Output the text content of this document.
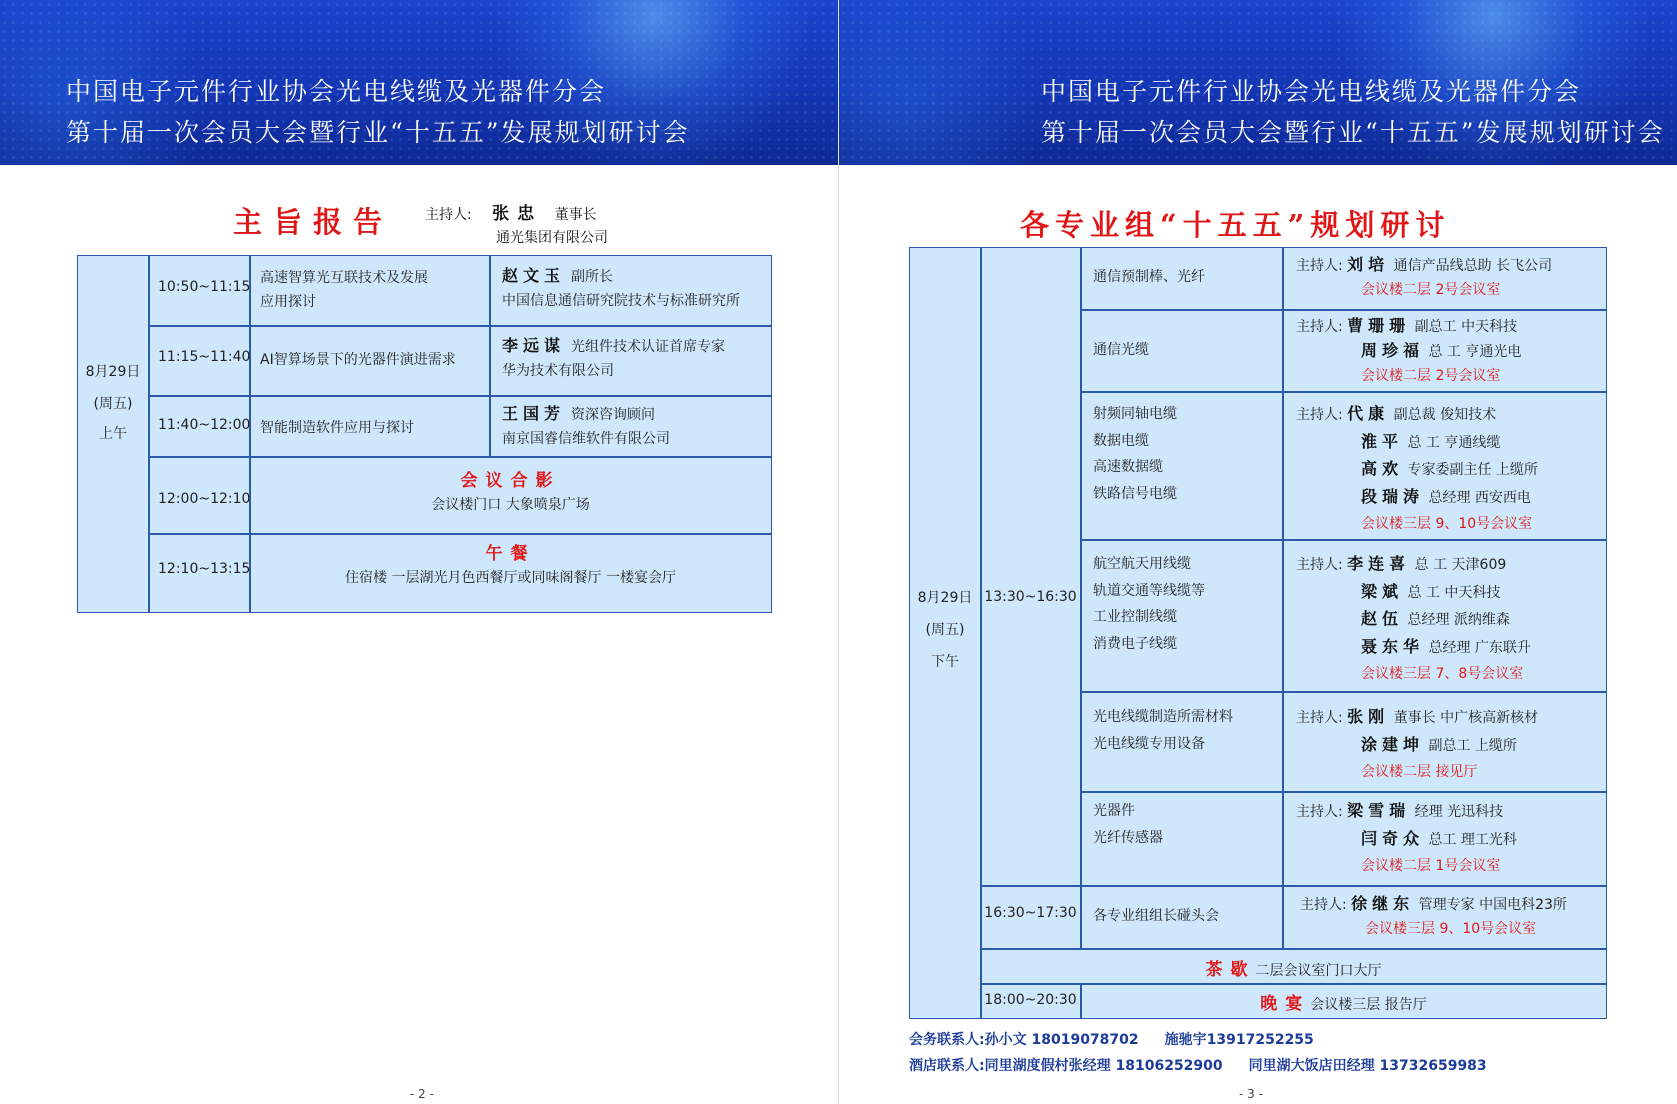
中国电子元件行业协会光电线缆及光器件分会
第十届一次会员大会暨行业“十五五”发展规划研讨会
主旨报告 主持人: 张忠 董事长
通光集团有限公司
8月29日
(周五)
上午
10:50~11:15
高速智算光互联技术及发展
应用探讨
赵文玉 副所长
中国信息通信研究院技术与标准研究所
11:15~11:40 AI智算场景下的光器件演进需求
李远谋 光组件技术认证首席专家
华为技术有限公司
11:40~12:00 智能制造软件应用与探讨
王国芳 资深咨询顾问
南京国睿信维软件有限公司
12:00~12:10
会议合影
会议楼门口 大象喷泉广场
12:10~13:15
午餐
住宿楼 一层湖光月色西餐厅或同味阁餐厅 一楼宴会厅
- 2 -
中国电子元件行业协会光电线缆及光器件分会
第十届一次会员大会暨行业“十五五”发展规划研讨会
各专业组“十五五”规划研讨
8月29日
(周五)
下午
13:30~16:30
通信预制棒、光纤
主持人: 刘培 通信产品线总助 长飞公司
会议楼二层 2号会议室
通信光缆
主持人: 曹珊珊 副总工 中天科技
周珍福 总 工 亨通光电
会议楼二层 2号会议室
射频同轴电缆
数据电缆
高速数据缆
铁路信号电缆
主持人: 代康 副总裁 俊知技术
淮平 总 工 亨通线缆
高欢 专家委副主任 上缆所
段瑞涛 总经理 西安西电
会议楼三层 9、10号会议室
航空航天用线缆
轨道交通等线缆等
工业控制线缆
消费电子线缆
主持人: 李连喜 总 工 天津609
梁斌 总 工 中天科技
赵伍 总经理 派纳维森
聂东华 总经理 广东联升
会议楼三层 7、8号会议室
光电线缆制造所需材料
光电线缆专用设备
主持人: 张刚 董事长 中广核高新核材
涂建坤 副总工 上缆所
会议楼二层 接见厅
光器件
光纤传感器
主持人: 梁雪瑞 经理 光迅科技
闫奇众 总工 理工光科
会议楼二层 1号会议室
16:30~17:30 各专业组组长碰头会
主持人: 徐继东 管理专家 中国电科23所
会议楼三层 9、10号会议室
茶歇二层会议室门口大厅
18:00~20:30	晚宴会议楼三层 报告厅
会务联系人:孙小文 18019078702 施驰宇13917252255
酒店联系人:同里湖度假村张经理 18106252900 同里湖大饭店田经理 13732659983
- 3 -
